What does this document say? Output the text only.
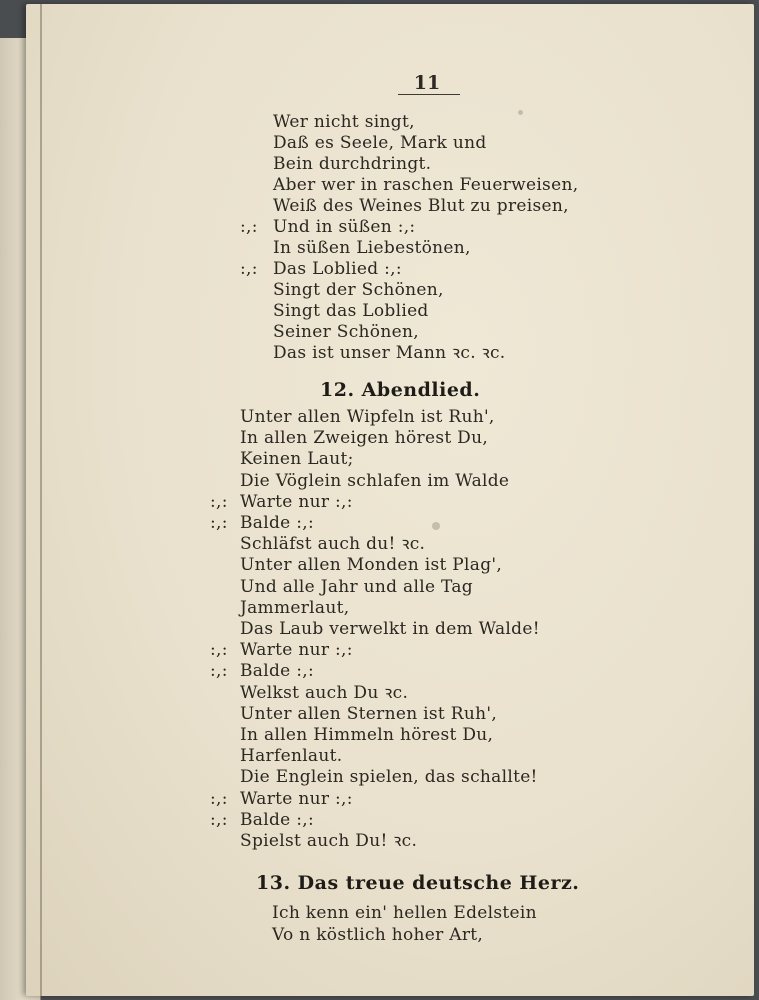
11
Wer nicht singt,
Daß es Seele, Mark und
Bein durchdringt.
Aber wer in raschen Feuerweisen,
Weiß des Weines Blut zu preisen,
:,: Und in süßen :,:
In süßen Liebestönen,
:,: Das Loblied :,:
Singt der Schönen,
Singt das Loblied
Seiner Schönen,
Das ist unser Mann ꝛc. ꝛc.
12. Abendlied.
Unter allen Wipfeln ist Ruh',
In allen Zweigen hörest Du,
Keinen Laut;
Die Vöglein schlafen im Walde
:,: Warte nur :,:
:,: Balde :,:
Schläfst auch du! ꝛc.
Unter allen Monden ist Plag',
Und alle Jahr und alle Tag
Jammerlaut,
Das Laub verwelkt in dem Walde!
:,: Warte nur :,:
:,: Balde :,:
Welkst auch Du ꝛc.
Unter allen Sternen ist Ruh',
In allen Himmeln hörest Du,
Harfenlaut.
Die Englein spielen, das schallte!
:,: Warte nur :,:
:,: Balde :,:
Spielst auch Du! ꝛc.
13. Das treue deutsche Herz.
Ich kenn ein' hellen Edelstein
Vo n köstlich hoher Art,
